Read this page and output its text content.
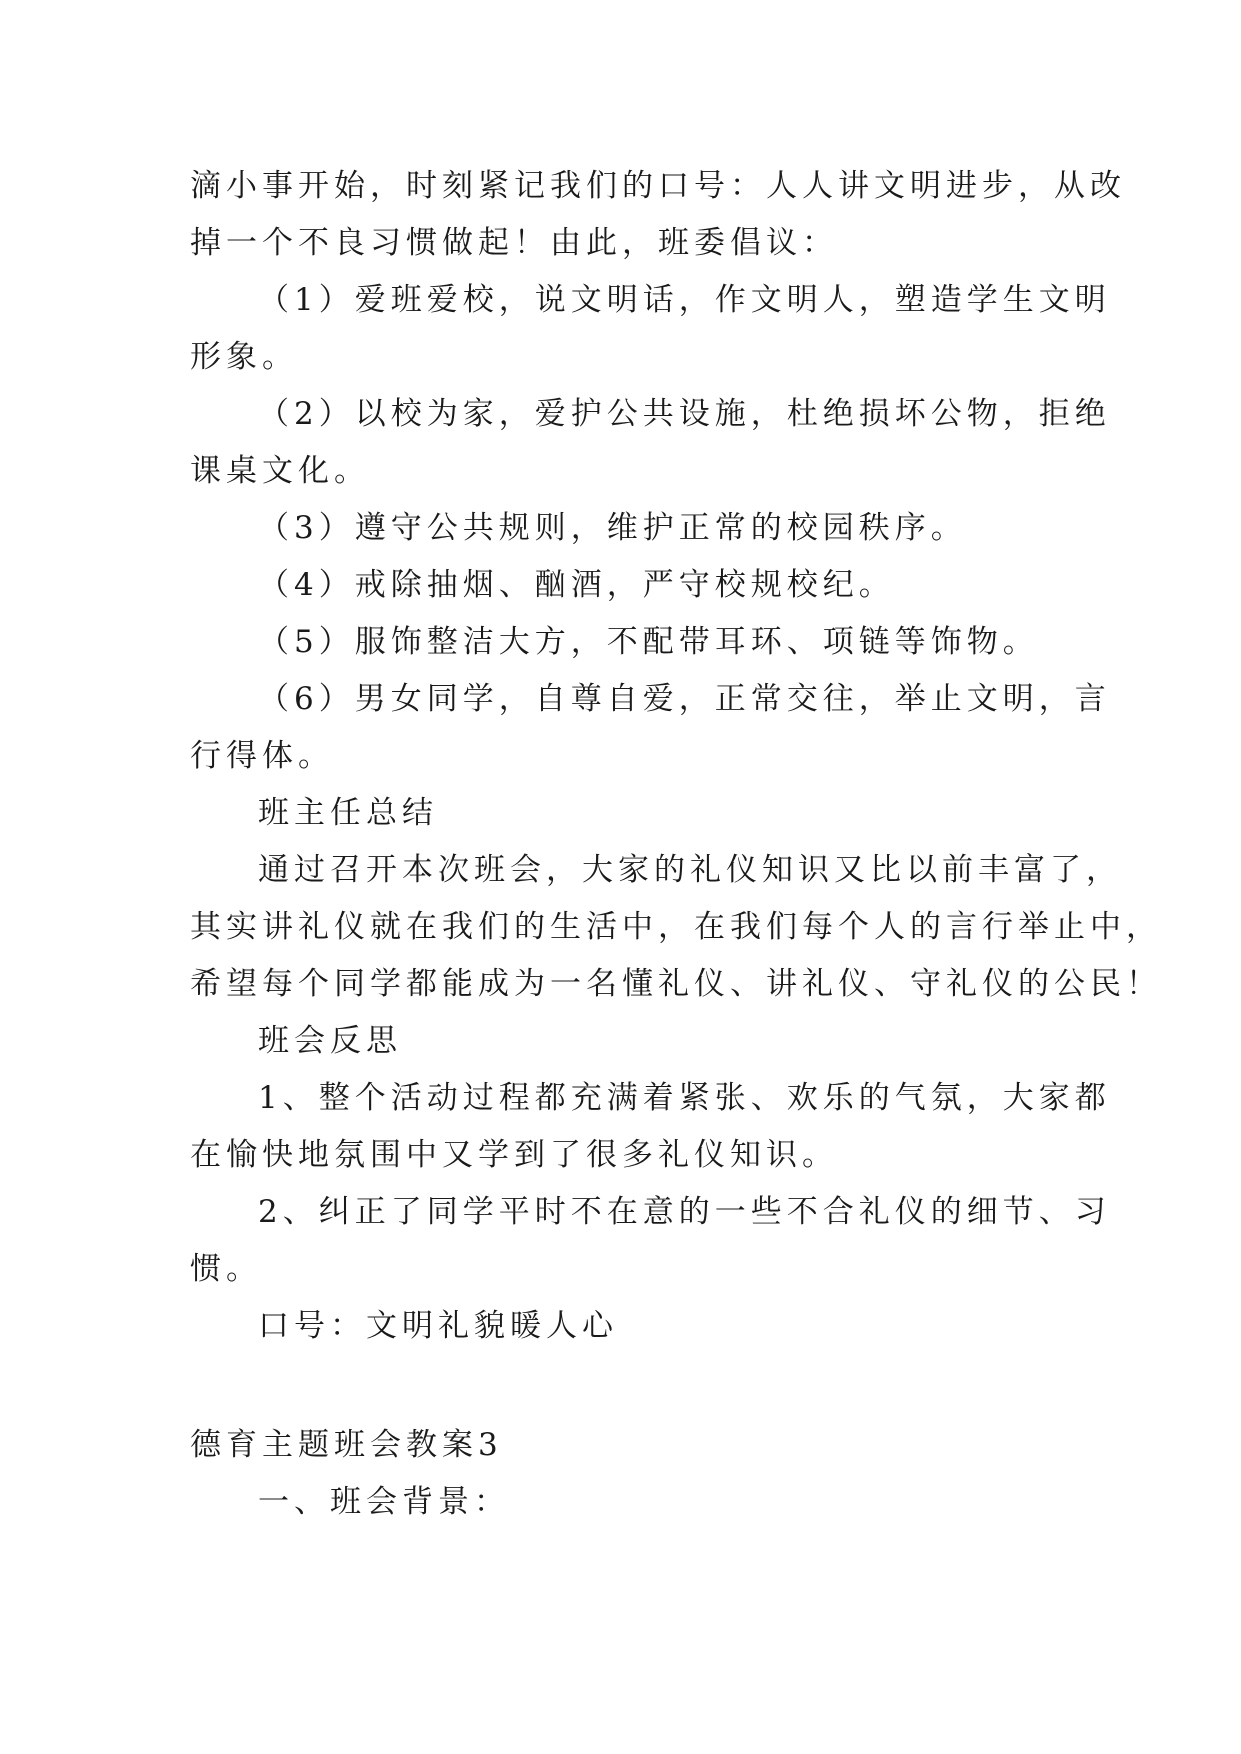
滴小事开始，时刻紧记我们的口号：人人讲文明进步，从改
掉一个不良习惯做起！由此，班委倡议：
（1）爱班爱校，说文明话，作文明人，塑造学生文明
形象。
（2）以校为家，爱护公共设施，杜绝损坏公物，拒绝
课桌文化。
（3）遵守公共规则，维护正常的校园秩序。
（4）戒除抽烟、酗酒，严守校规校纪。
（5）服饰整洁大方，不配带耳环、项链等饰物。
（6）男女同学，自尊自爱，正常交往，举止文明，言
行得体。
班主任总结
通过召开本次班会，大家的礼仪知识又比以前丰富了，
其实讲礼仪就在我们的生活中，在我们每个人的言行举止中，
希望每个同学都能成为一名懂礼仪、讲礼仪、守礼仪的公民！
班会反思
1、整个活动过程都充满着紧张、欢乐的气氛，大家都
在愉快地氛围中又学到了很多礼仪知识。
2、纠正了同学平时不在意的一些不合礼仪的细节、习
惯。
口号：文明礼貌暖人心
德育主题班会教案3
一、班会背景：
